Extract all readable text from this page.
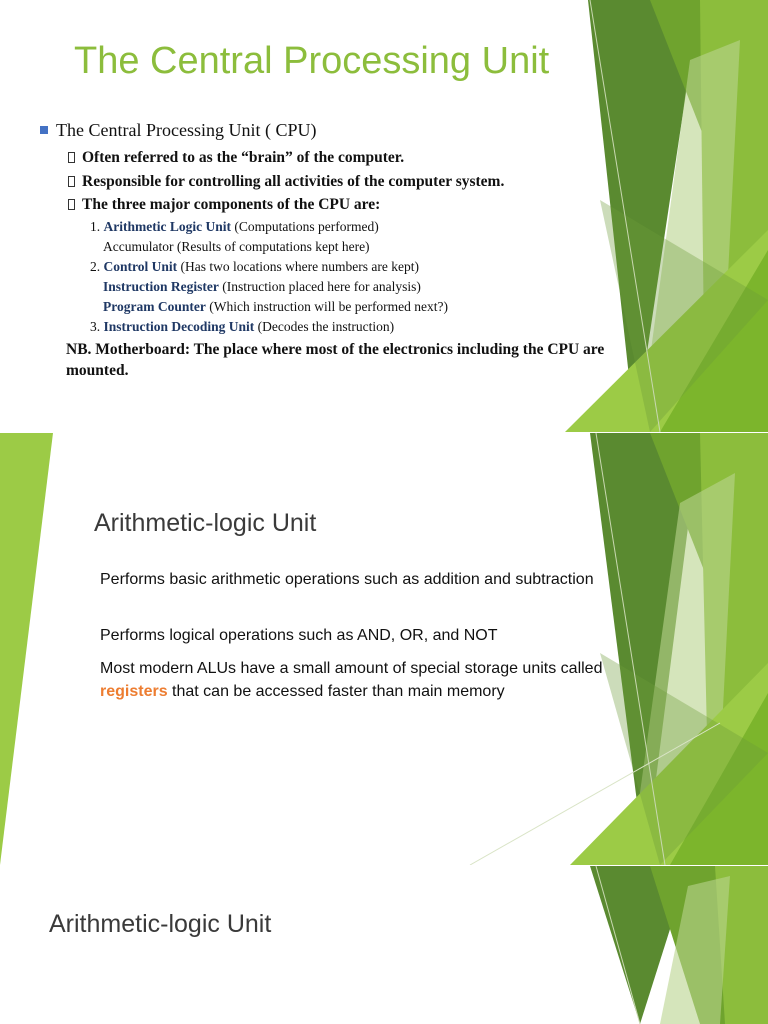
The Central Processing Unit
The Central Processing Unit ( CPU)
Often referred to as the “brain” of the computer.
Responsible for controlling all activities of the computer system.
The three major components of the CPU are:
1. Arithmetic Logic Unit (Computations performed)
Accumulator (Results of computations kept here)
2. Control Unit (Has two locations where numbers are kept)
Instruction Register (Instruction placed here for analysis)
Program Counter (Which instruction will be performed next?)
3. Instruction Decoding Unit (Decodes the instruction)
NB. Motherboard: The place where most of the electronics including the CPU are mounted.
Arithmetic-logic Unit
Performs basic arithmetic operations such as addition and subtraction
Performs logical operations such as AND, OR, and NOT
Most modern ALUs have a small amount of special storage units called registers that can be accessed faster than main memory
Arithmetic-logic Unit
